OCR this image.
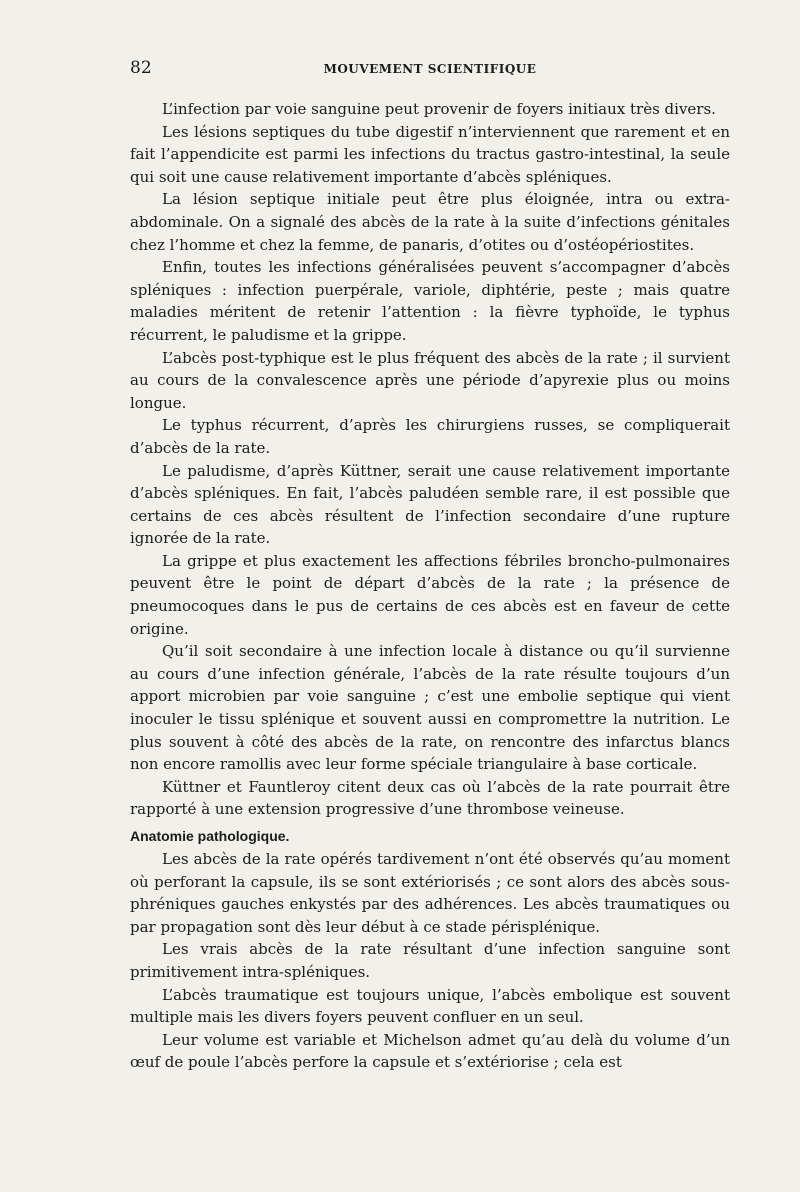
82	MOUVEMENT SCIENTIFIQUE

L’infection par voie sanguine peut provenir de foyers initiaux très divers.

Les lésions septiques du tube digestif n’interviennent que rarement et en fait l’appendicite est parmi les infections du tractus gastro-intestinal, la seule qui soit une cause relativement importante d’abcès spléniques.

La lésion septique initiale peut être plus éloignée, intra ou extra-abdominale. On a signalé des abcès de la rate à la suite d’infections génitales chez l’homme et chez la femme, de panaris, d’otites ou d’ostéopériostites.

Enfin, toutes les infections généralisées peuvent s’accompagner d’abcès spléniques : infection puerpérale, variole, diphtérie, peste ; mais quatre maladies méritent de retenir l’attention : la fièvre typhoïde, le typhus récurrent, le paludisme et la grippe.

L’abcès post-typhique est le plus fréquent des abcès de la rate ; il survient au cours de la convalescence après une période d’apyrexie plus ou moins longue.

Le typhus récurrent, d’après les chirurgiens russes, se compliquerait d’abcès de la rate.

Le paludisme, d’après Küttner, serait une cause relativement importante d’abcès spléniques. En fait, l’abcès paludéen semble rare, il est possible que certains de ces abcès résultent de l’infection secondaire d’une rupture ignorée de la rate.

La grippe et plus exactement les affections fébriles broncho-pulmonaires peuvent être le point de départ d’abcès de la rate ; la présence de pneumocoques dans le pus de certains de ces abcès est en faveur de cette origine.

Qu’il soit secondaire à une infection locale à distance ou qu’il survienne au cours d’une infection générale, l’abcès de la rate résulte toujours d’un apport microbien par voie sanguine ; c’est une embolie septique qui vient inoculer le tissu splénique et souvent aussi en compromettre la nutrition. Le plus souvent à côté des abcès de la rate, on rencontre des infarctus blancs non encore ramollis avec leur forme spéciale triangulaire à base corticale.

Küttner et Fauntleroy citent deux cas où l’abcès de la rate pourrait être rapporté à une extension progressive d’une thrombose veineuse.

Anatomie pathologique.

Les abcès de la rate opérés tardivement n’ont été observés qu’au moment où perforant la capsule, ils se sont extériorisés ; ce sont alors des abcès sous-phréniques gauches enkystés par des adhérences. Les abcès traumatiques ou par propagation sont dès leur début à ce stade périsplénique.

Les vrais abcès de la rate résultant d’une infection sanguine sont primitivement intra-spléniques.

L’abcès traumatique est toujours unique, l’abcès embolique est souvent multiple mais les divers foyers peuvent confluer en un seul.

Leur volume est variable et Michelson admet qu’au delà du volume d’un œuf de poule l’abcès perfore la capsule et s’extériorise ; cela est
